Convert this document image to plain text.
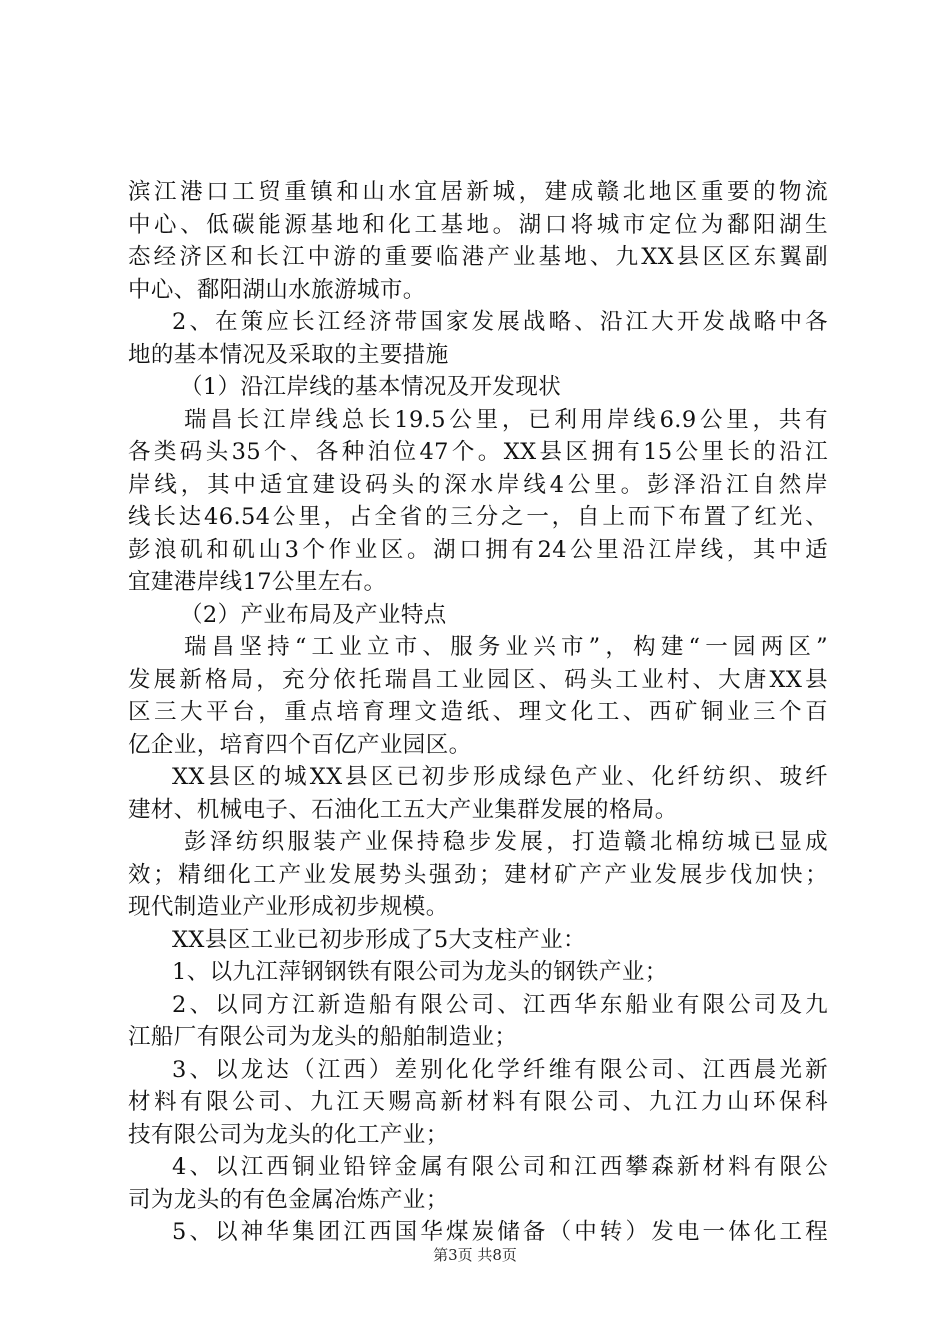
滨江港口工贸重镇和山水宜居新城，建成赣北地区重要的物流
中心、低碳能源基地和化工基地。湖口将城市定位为鄱阳湖生
态经济区和长江中游的重要临港产业基地、九XX县区区东翼副
中心、鄱阳湖山水旅游城市。
2、在策应长江经济带国家发展战略、沿江大开发战略中各
地的基本情况及采取的主要措施
（1）沿江岸线的基本情况及开发现状
瑞昌长江岸线总长19.5公里，已利用岸线6.9公里，共有
各类码头35个、各种泊位47个。XX县区拥有15公里长的沿江
岸线，其中适宜建设码头的深水岸线4公里。彭泽沿江自然岸
线长达46.54公里，占全省的三分之一，自上而下布置了红光、
彭浪矶和矶山3个作业区。湖口拥有24公里沿江岸线，其中适
宜建港岸线17公里左右。
（2）产业布局及产业特点
瑞昌坚持“工业立市、服务业兴市”，构建“一园两区”
发展新格局，充分依托瑞昌工业园区、码头工业村、大唐XX县
区三大平台，重点培育理文造纸、理文化工、西矿铜业三个百
亿企业，培育四个百亿产业园区。
XX县区的城XX县区已初步形成绿色产业、化纤纺织、玻纤
建材、机械电子、石油化工五大产业集群发展的格局。
彭泽纺织服装产业保持稳步发展，打造赣北棉纺城已显成
效；精细化工产业发展势头强劲；建材矿产产业发展步伐加快；
现代制造业产业形成初步规模。
XX县区工业已初步形成了5大支柱产业：
1、以九江萍钢钢铁有限公司为龙头的钢铁产业；
2、以同方江新造船有限公司、江西华东船业有限公司及九
江船厂有限公司为龙头的船舶制造业；
3、以龙达（江西）差别化化学纤维有限公司、江西晨光新
材料有限公司、九江天赐高新材料有限公司、九江力山环保科
技有限公司为龙头的化工产业；
4、以江西铜业铅锌金属有限公司和江西攀森新材料有限公
司为龙头的有色金属冶炼产业；
5、以神华集团江西国华煤炭储备（中转）发电一体化工程
第3页 共8页
